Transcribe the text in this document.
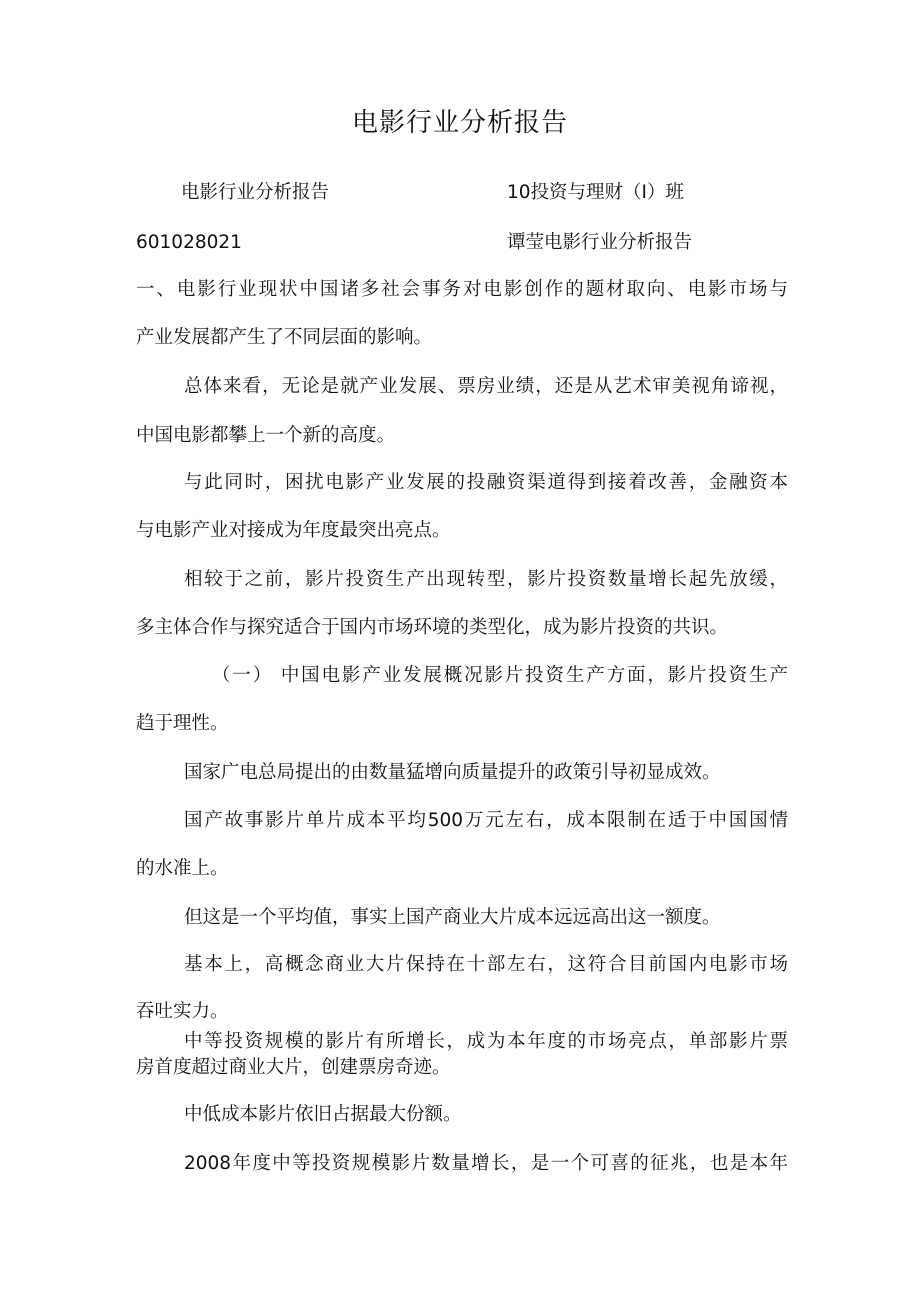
电影行业分析报告
电影行业分析报告	10投资与理财（I）班
601028021	谭莹电影行业分析报告
一、电影行业现状中国诸多社会事务对电影创作的题材取向、电影市场与
产业发展都产生了不同层面的影响。
总体来看，无论是就产业发展、票房业绩，还是从艺术审美视角谛视，
中国电影都攀上一个新的高度。
与此同时，困扰电影产业发展的投融资渠道得到接着改善，金融资本
与电影产业对接成为年度最突出亮点。
相较于之前，影片投资生产出现转型，影片投资数量增长起先放缓，
多主体合作与探究适合于国内市场环境的类型化，成为影片投资的共识。
（一） 中国电影产业发展概况影片投资生产方面，影片投资生产
趋于理性。
国家广电总局提出的由数量猛增向质量提升的政策引导初显成效。
国产故事影片单片成本平均500万元左右，成本限制在适于中国国情
的水准上。
但这是一个平均值，事实上国产商业大片成本远远高出这一额度。
基本上，高概念商业大片保持在十部左右，这符合目前国内电影市场
吞吐实力。
中等投资规模的影片有所增长，成为本年度的市场亮点，单部影片票
房首度超过商业大片，创建票房奇迹。
中低成本影片依旧占据最大份额。
2008年度中等投资规模影片数量增长，是一个可喜的征兆，也是本年
